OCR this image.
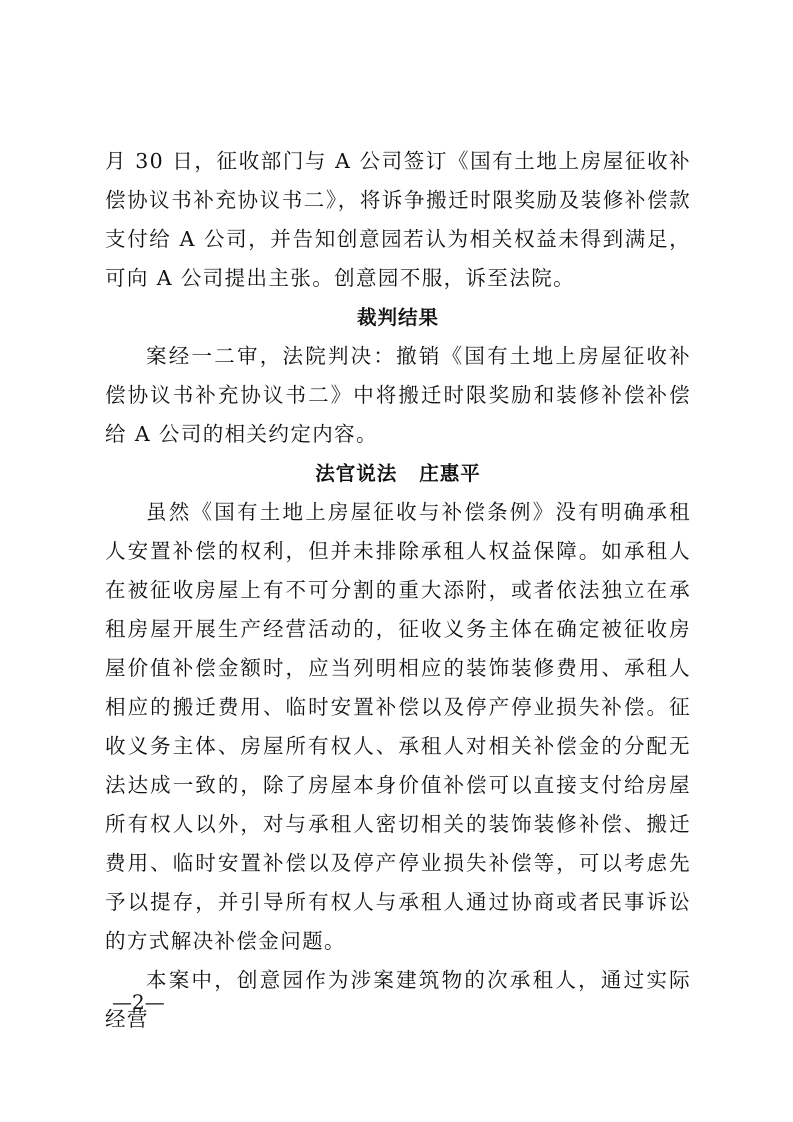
月 30 日，征收部门与 A 公司签订《国有土地上房屋征收补偿协议书补充协议书二》，将诉争搬迁时限奖励及装修补偿款支付给 A 公司，并告知创意园若认为相关权益未得到满足，可向 A 公司提出主张。创意园不服，诉至法院。

裁判结果

案经一二审，法院判决：撤销《国有土地上房屋征收补偿协议书补充协议书二》中将搬迁时限奖励和装修补偿补偿给 A 公司的相关约定内容。

法官说法 庄惠平

虽然《国有土地上房屋征收与补偿条例》没有明确承租人安置补偿的权利，但并未排除承租人权益保障。如承租人在被征收房屋上有不可分割的重大添附，或者依法独立在承租房屋开展生产经营活动的，征收义务主体在确定被征收房屋价值补偿金额时，应当列明相应的装饰装修费用、承租人相应的搬迁费用、临时安置补偿以及停产停业损失补偿。征收义务主体、房屋所有权人、承租人对相关补偿金的分配无法达成一致的，除了房屋本身价值补偿可以直接支付给房屋所有权人以外，对与承租人密切相关的装饰装修补偿、搬迁费用、临时安置补偿以及停产停业损失补偿等，可以考虑先予以提存，并引导所有权人与承租人通过协商或者民事诉讼的方式解决补偿金问题。

本案中，创意园作为涉案建筑物的次承租人，通过实际经营

—2—
